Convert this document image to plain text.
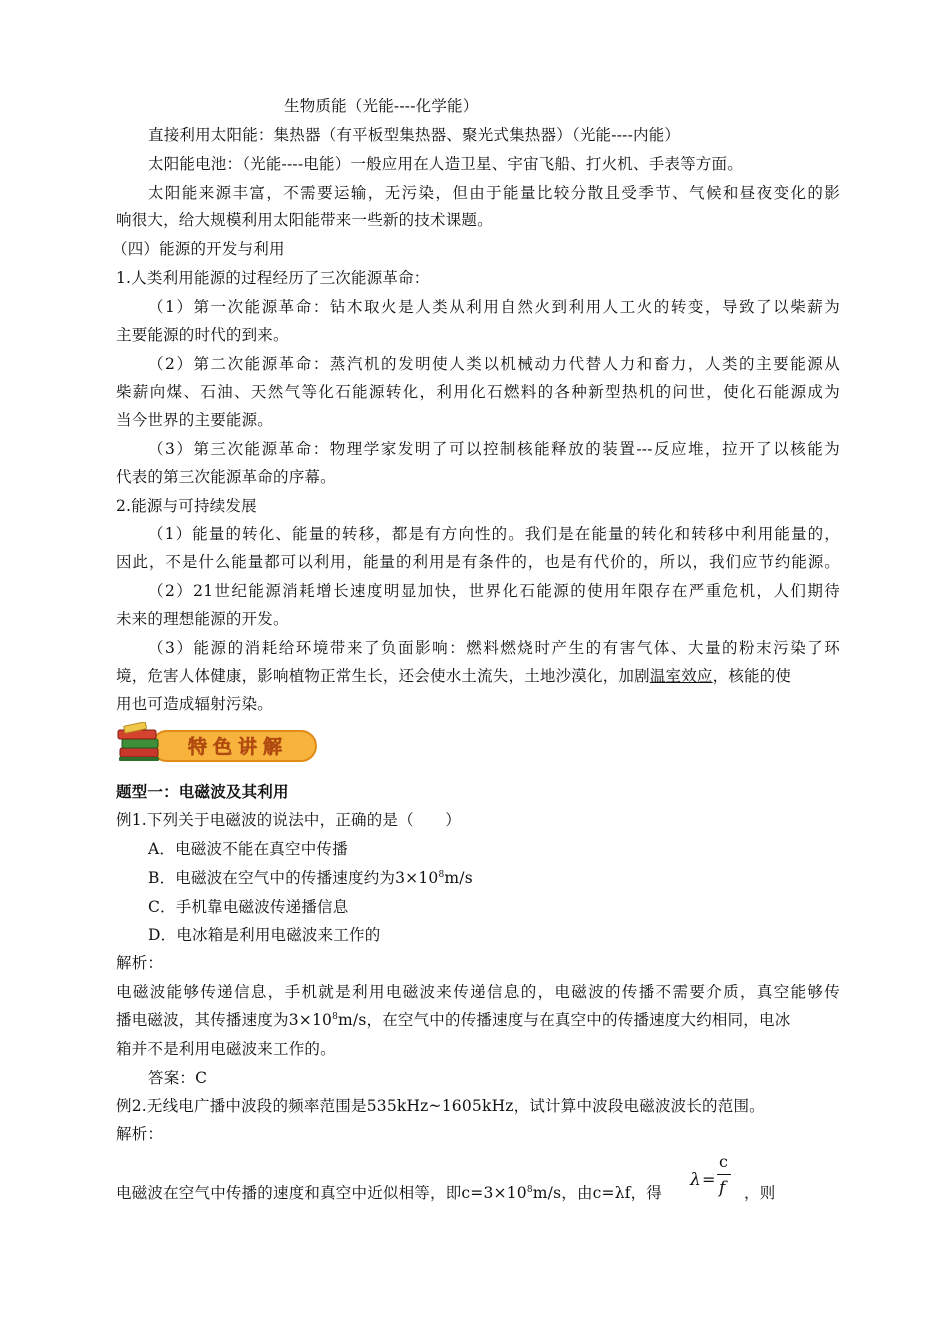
生物质能（光能----化学能）
直接利用太阳能：集热器（有平板型集热器、聚光式集热器）（光能----内能）
太阳能电池：（光能----电能）一般应用在人造卫星、宇宙飞船、打火机、手表等方面。
太阳能来源丰富，不需要运输，无污染，但由于能量比较分散且受季节、气候和昼夜变化的影
响很大，给大规模利用太阳能带来一些新的技术课题。
（四）能源的开发与利用
1.人类利用能源的过程经历了三次能源革命：
（1）第一次能源革命：钻木取火是人类从利用自然火到利用人工火的转变，导致了以柴薪为
主要能源的时代的到来。
（2）第二次能源革命：蒸汽机的发明使人类以机械动力代替人力和畜力，人类的主要能源从
柴薪向煤、石油、天然气等化石能源转化，利用化石燃料的各种新型热机的问世，使化石能源成为
当今世界的主要能源。
（3）第三次能源革命：物理学家发明了可以控制核能释放的装置---反应堆，拉开了以核能为
代表的第三次能源革命的序幕。
2.能源与可持续发展
（1）能量的转化、能量的转移，都是有方向性的。我们是在能量的转化和转移中利用能量的，
因此，不是什么能量都可以利用，能量的利用是有条件的，也是有代价的，所以，我们应节约能源。
（2）21世纪能源消耗增长速度明显加快，世界化石能源的使用年限存在严重危机，人们期待
未来的理想能源的开发。
（3）能源的消耗给环境带来了负面影响：燃料燃烧时产生的有害气体、大量的粉末污染了环
境，危害人体健康，影响植物正常生长，还会使水土流失，土地沙漠化，加剧温室效应，核能的使
用也可造成辐射污染。
特色讲解
题型一：电磁波及其利用
例1.下列关于电磁波的说法中，正确的是（　　）
A．电磁波不能在真空中传播
B．电磁波在空气中的传播速度约为$3\times 10^8m/s$
C．手机靠电磁波传递播信息
D．电冰箱是利用电磁波来工作的
解析：
电磁波能够传递信息，手机就是利用电磁波来传递信息的，电磁波的传播不需要介质，真空能够传
播电磁波，其传播速度为$3\times 10^8m/s$，在空气中的传播速度与在真空中的传播速度大约相同，电冰
箱并不是利用电磁波来工作的。
答案：C
例2.无线电广播中波段的频率范围是535kHz~1605kHz，试计算中波段电磁波波长的范围。
解析：
电磁波在空气中传播的速度和真空中近似相等，即$c=3\times 10^8m/s$，由c=λf，得
λ =
c
f ，则
